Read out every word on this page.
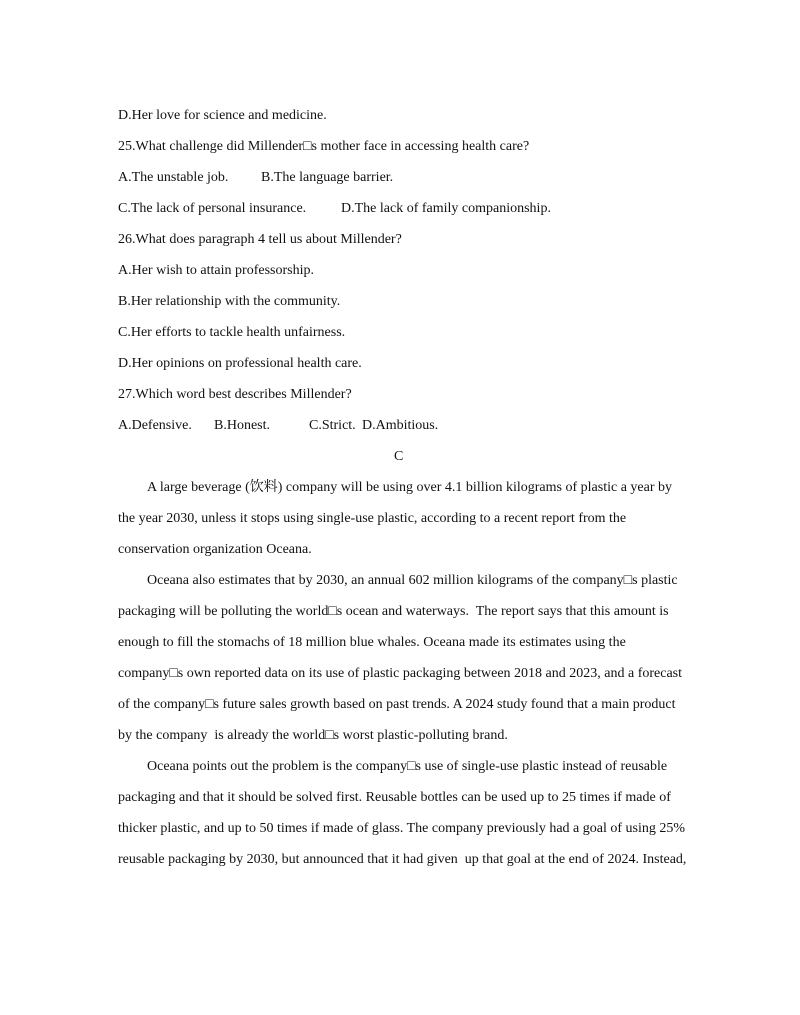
D.Her love for science and medicine.
25.What challenge did Millender□s mother face in accessing health care?
A.The unstable job. B.The language barrier.
C.The lack of personal insurance. D.The lack of family companionship.
26.What does paragraph 4 tell us about Millender?
A.Her wish to attain professorship.
B.Her relationship with the community.
C.Her efforts to tackle health unfairness.
D.Her opinions on professional health care.
27.Which word best describes Millender?
A.Defensive. B.Honest.	C.Strict. D.Ambitious.
C
A large beverage (饮料) company will be using over 4.1 billion kilograms of plastic a year by
the year 2030, unless it stops using single-use plastic, according to a recent report from the
conservation organization Oceana.
Oceana also estimates that by 2030, an annual 602 million kilograms of the company□s plastic
packaging will be polluting the world□s ocean and waterways.  The report says that this amount is
enough to fill the stomachs of 18 million blue whales. Oceana made its estimates using the
company□s own reported data on its use of plastic packaging between 2018 and 2023, and a forecast
of the company□s future sales growth based on past trends. A 2024 study found that a main product
by the company  is already the world□s worst plastic-polluting brand.
Oceana points out the problem is the company□s use of single-use plastic instead of reusable
packaging and that it should be solved first. Reusable bottles can be used up to 25 times if made of
thicker plastic, and up to 50 times if made of glass. The company previously had a goal of using 25%
reusable packaging by 2030, but announced that it had given  up that goal at the end of 2024. Instead,
